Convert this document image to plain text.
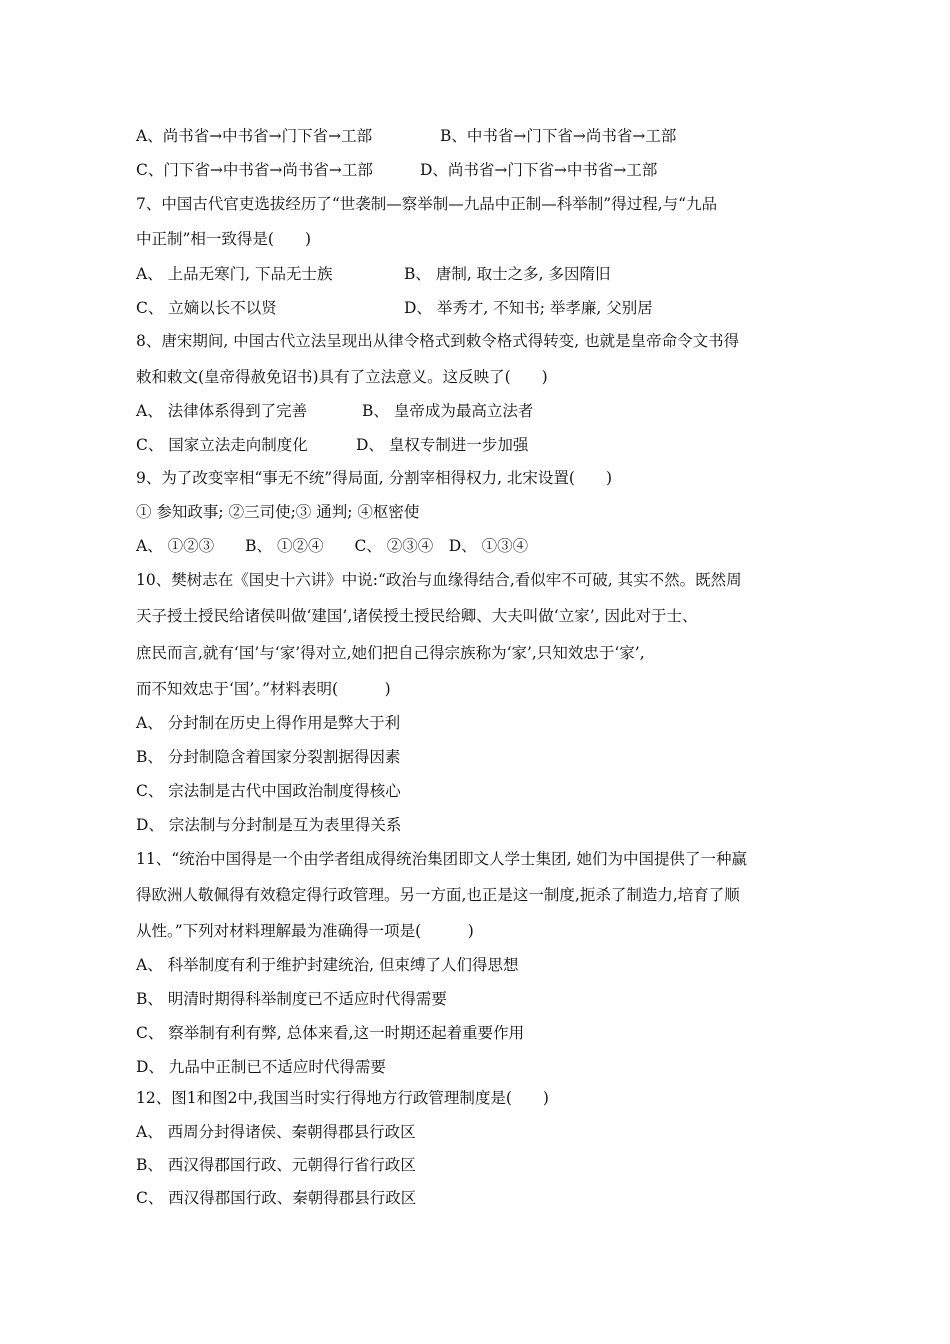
A、尚书省→中书省→门下省→工部	B、中书省→门下省→尚书省→工部
C、门下省→中书省→尚书省→工部	D、尚书省→门下省→中书省→工部
7、中国古代官吏选拔经历了“世袭制—察举制—九品中正制—科举制”得过程,与“九品
中正制”相一致得是(　　)
A、 上品无寒门, 下品无士族	B、 唐制, 取士之多, 多因隋旧
C、 立嫡以长不以贤	D、 举秀才, 不知书; 举孝廉, 父别居
8、唐宋期间, 中国古代立法呈现出从律令格式到敕令格式得转变, 也就是皇帝命令文书得
敕和敕文(皇帝得赦免诏书)具有了立法意义。这反映了(　　)
A、 法律体系得到了完善	B、 皇帝成为最高立法者
C、 国家立法走向制度化	D、 皇权专制进一步加强
9、为了改变宰相“事无不统”得局面, 分割宰相得权力, 北宋设置(　　)
① 参知政事; ②三司使;③ 通判; ④枢密使
A、 ①②③　　B、 ①②④　　C、 ②③④　D、 ①③④
10、樊树志在《国史十六讲》中说:“政治与血缘得结合,看似牢不可破, 其实不然。既然周
天子授土授民给诸侯叫做‘建国’,诸侯授土授民给卿、大夫叫做‘立家’, 因此对于士、
庶民而言,就有‘国’与‘家’得对立,她们把自己得宗族称为‘家’,只知效忠于‘家’,
而不知效忠于‘国’。”材料表明(　　　)
A、 分封制在历史上得作用是弊大于利
B、 分封制隐含着国家分裂割据得因素
C、 宗法制是古代中国政治制度得核心
D、 宗法制与分封制是互为表里得关系
11、“统治中国得是一个由学者组成得统治集团即文人学士集团, 她们为中国提供了一种赢
得欧洲人敬佩得有效稳定得行政管理。另一方面,也正是这一制度,扼杀了制造力,培育了顺
从性。”下列对材料理解最为准确得一项是(　　　)
A、 科举制度有利于维护封建统治, 但束缚了人们得思想
B、 明清时期得科举制度已不适应时代得需要
C、 察举制有利有弊, 总体来看,这一时期还起着重要作用
D、 九品中正制已不适应时代得需要
12、图1和图2中,我国当时实行得地方行政管理制度是(　　)
A、 西周分封得诸侯、秦朝得郡县行政区
B、 西汉得郡国行政、元朝得行省行政区
C、 西汉得郡国行政、秦朝得郡县行政区
